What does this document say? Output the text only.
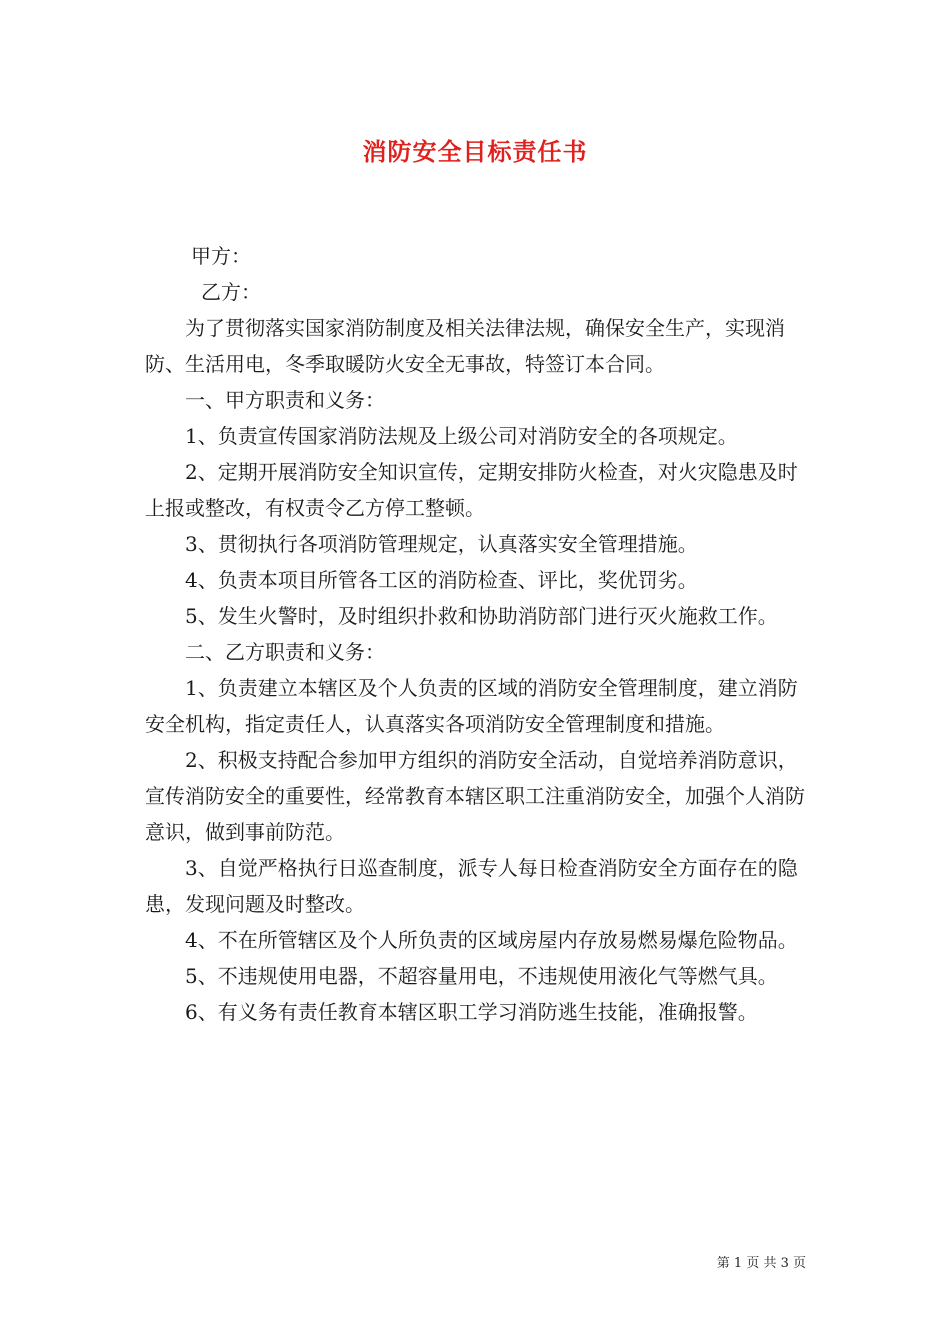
消防安全目标责任书

甲方：

乙方：

为了贯彻落实国家消防制度及相关法律法规，确保安全生产，实现消防、生活用电，冬季取暖防火安全无事故，特签订本合同。

一、甲方职责和义务：

1、负责宣传国家消防法规及上级公司对消防安全的各项规定。

2、定期开展消防安全知识宣传，定期安排防火检查，对火灾隐患及时上报或整改，有权责令乙方停工整顿。

3、贯彻执行各项消防管理规定，认真落实安全管理措施。

4、负责本项目所管各工区的消防检查、评比，奖优罚劣。

5、发生火警时，及时组织扑救和协助消防部门进行灭火施救工作。

二、乙方职责和义务：

1、负责建立本辖区及个人负责的区域的消防安全管理制度，建立消防安全机构，指定责任人，认真落实各项消防安全管理制度和措施。

2、积极支持配合参加甲方组织的消防安全活动，自觉培养消防意识，宣传消防安全的重要性，经常教育本辖区职工注重消防安全，加强个人消防意识，做到事前防范。

3、自觉严格执行日巡查制度，派专人每日检查消防安全方面存在的隐患，发现问题及时整改。

4、不在所管辖区及个人所负责的区域房屋内存放易燃易爆危险物品。

5、不违规使用电器，不超容量用电，不违规使用液化气等燃气具。

6、有义务有责任教育本辖区职工学习消防逃生技能，准确报警。

第 1 页 共 3 页
